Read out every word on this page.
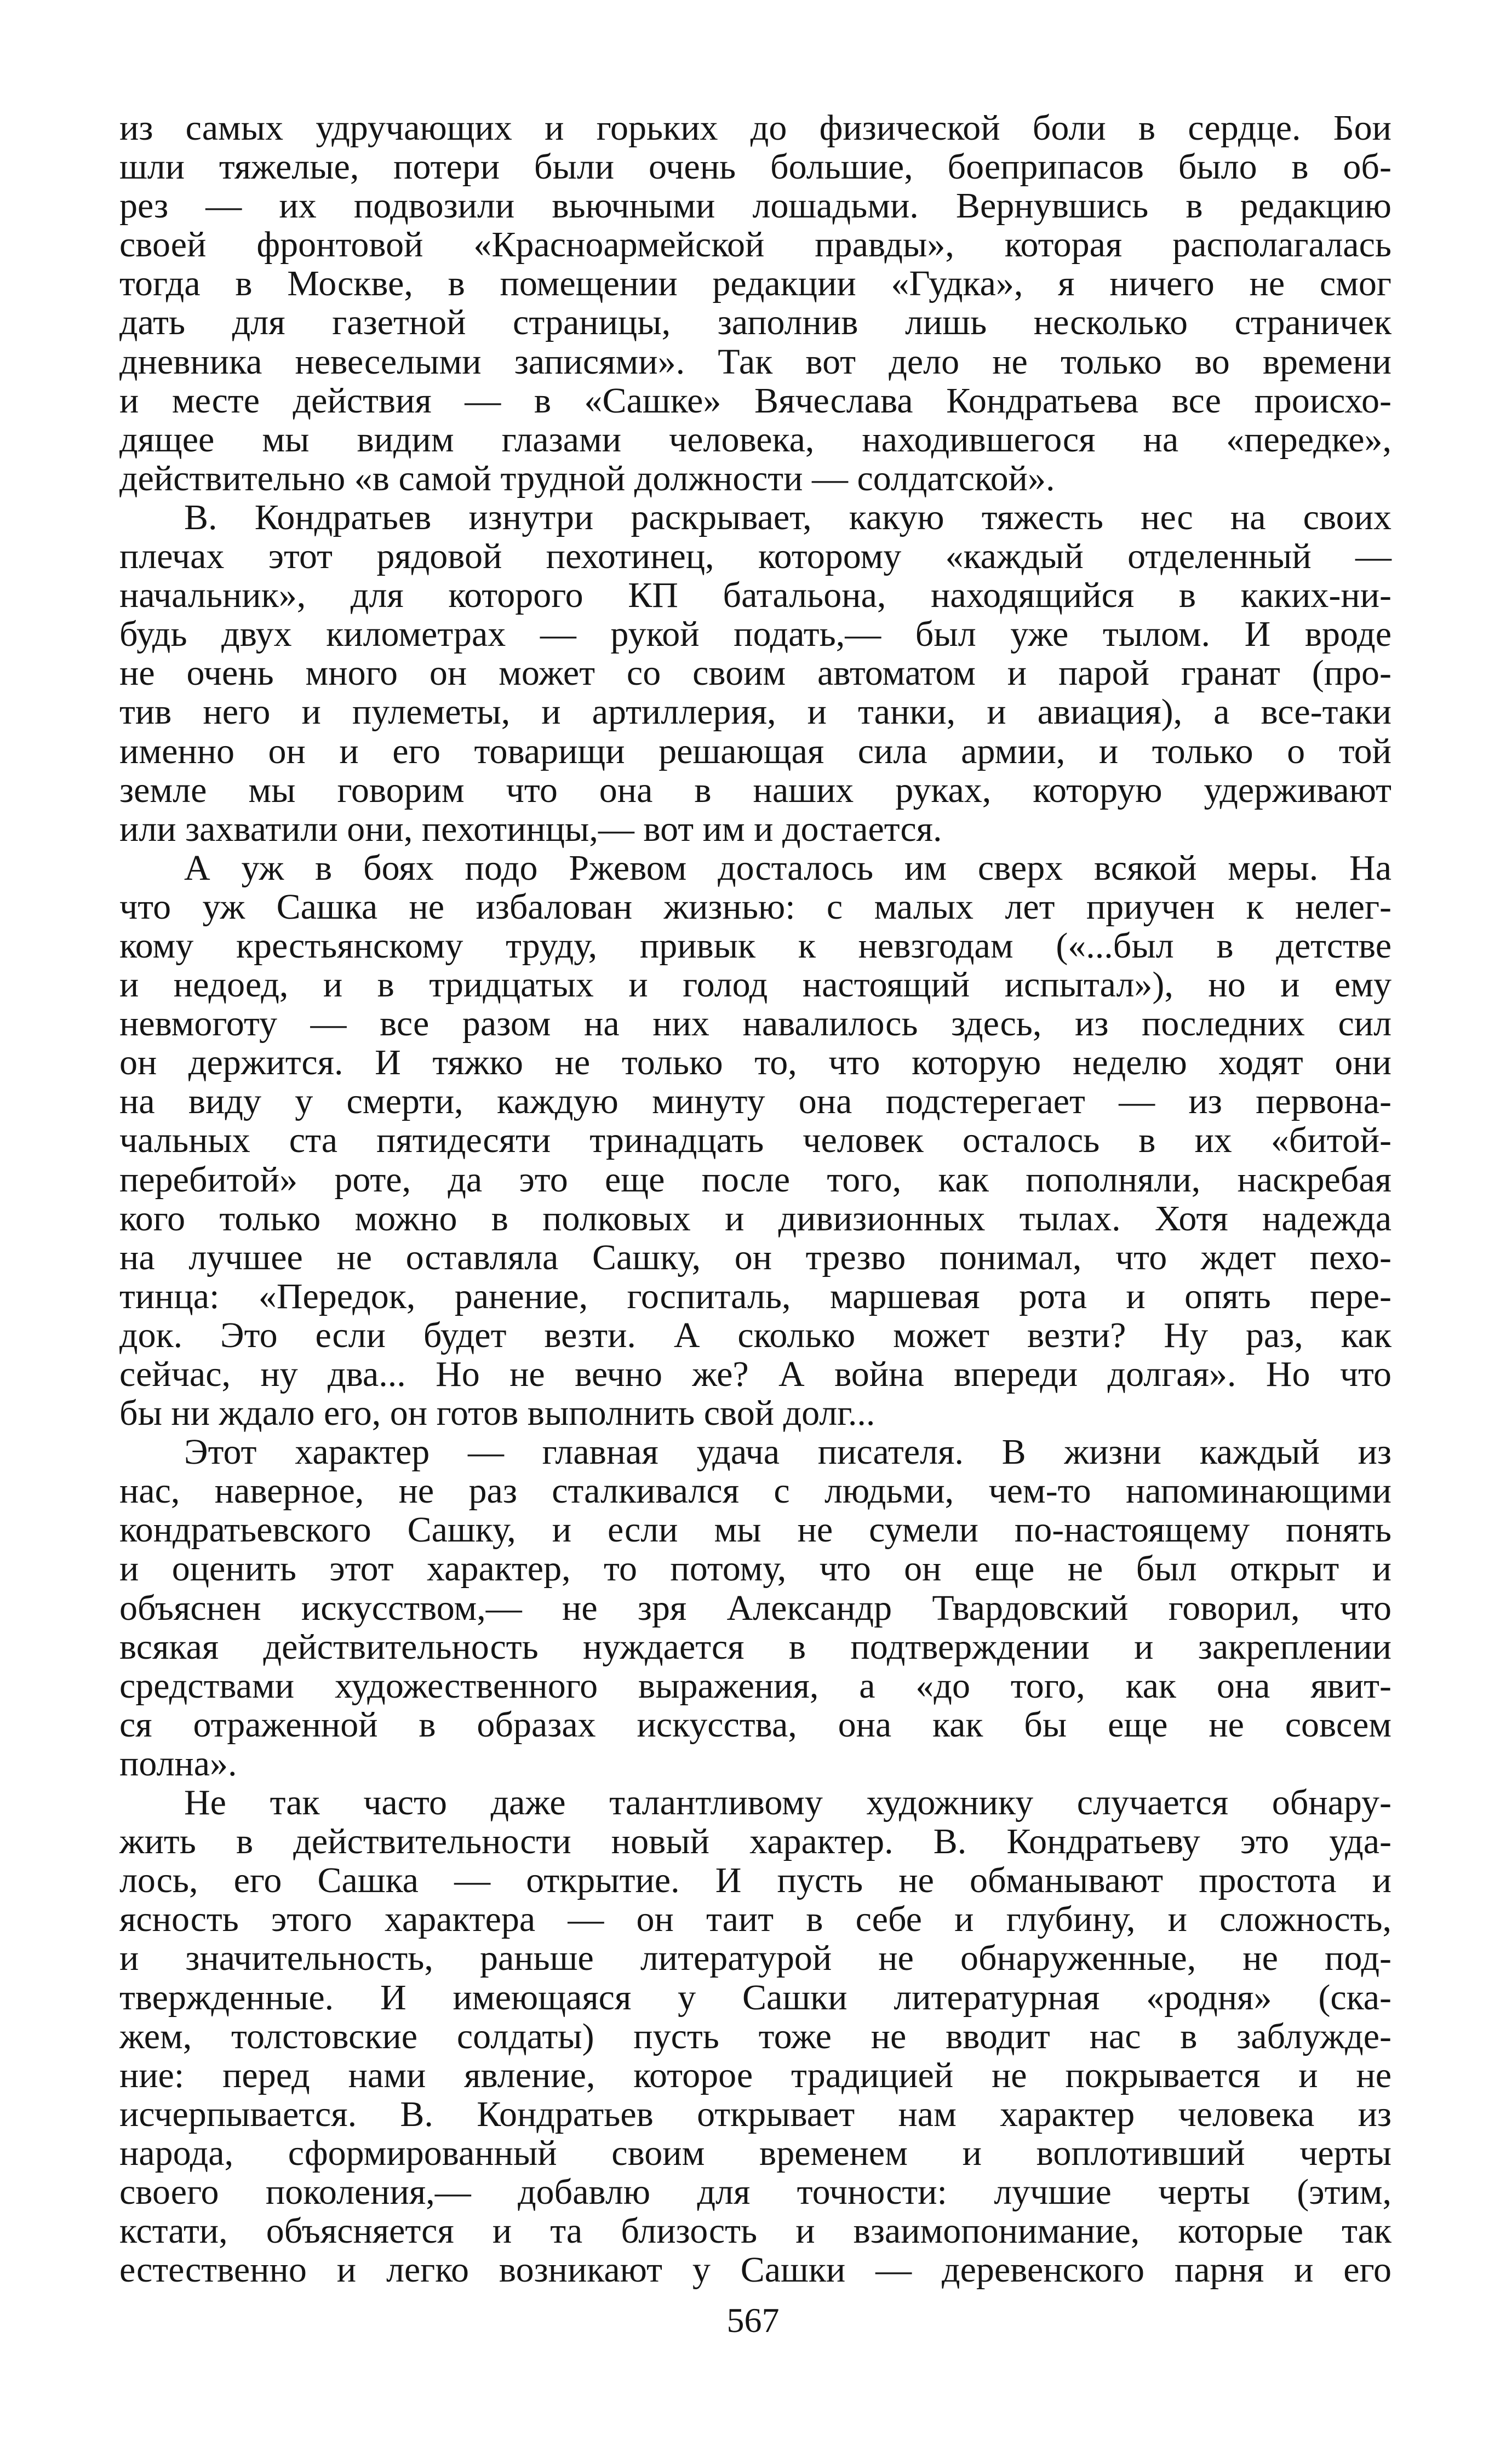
из самых удручающих и горьких до физической боли в сердце. Бои
шли тяжелые, потери были очень большие, боеприпасов было в об-
рез — их подвозили вьючными лошадьми. Вернувшись в редакцию
своей фронтовой «Красноармейской правды», которая располагалась
тогда в Москве, в помещении редакции «Гудка», я ничего не смог
дать для газетной страницы, заполнив лишь несколько страничек
дневника невеселыми записями». Так вот дело не только во времени
и месте действия — в «Сашке» Вячеслава Кондратьева все происхо-
дящее мы видим глазами человека, находившегося на «передке»,
действительно «в самой трудной должности — солдатской».
В. Кондратьев изнутри раскрывает, какую тяжесть нес на своих
плечах этот рядовой пехотинец, которому «каждый отделенный —
начальник», для которого КП батальона, находящийся в каких-ни-
будь двух километрах — рукой подать,— был уже тылом. И вроде
не очень много он может со своим автоматом и парой гранат (про-
тив него и пулеметы, и артиллерия, и танки, и авиация), а все-таки
именно он и его товарищи решающая сила армии, и только о той
земле мы говорим что она в наших руках, которую удерживают
или захватили они, пехотинцы,— вот им и достается.
А уж в боях подо Ржевом досталось им сверх всякой меры. На
что уж Сашка не избалован жизнью: с малых лет приучен к нелег-
кому крестьянскому труду, привык к невзгодам («...был в детстве
и недоед, и в тридцатых и голод настоящий испытал»), но и ему
невмоготу — все разом на них навалилось здесь, из последних сил
он держится. И тяжко не только то, что которую неделю ходят они
на виду у смерти, каждую минуту она подстерегает — из первона-
чальных ста пятидесяти тринадцать человек осталось в их «битой-
перебитой» роте, да это еще после того, как пополняли, наскребая
кого только можно в полковых и дивизионных тылах. Хотя надежда
на лучшее не оставляла Сашку, он трезво понимал, что ждет пехо-
тинца: «Передок, ранение, госпиталь, маршевая рота и опять пере-
док. Это если будет везти. А сколько может везти? Ну раз, как
сейчас, ну два... Но не вечно же? А война впереди долгая». Но что
бы ни ждало его, он готов выполнить свой долг...
Этот характер — главная удача писателя. В жизни каждый из
нас, наверное, не раз сталкивался с людьми, чем-то напоминающими
кондратьевского Сашку, и если мы не сумели по-настоящему понять
и оценить этот характер, то потому, что он еще не был открыт и
объяснен искусством,— не зря Александр Твардовский говорил, что
всякая действительность нуждается в подтверждении и закреплении
средствами художественного выражения, а «до того, как она явит-
ся отраженной в образах искусства, она как бы еще не совсем
полна».
Не так часто даже талантливому художнику случается обнару-
жить в действительности новый характер. В. Кондратьеву это уда-
лось, его Сашка — открытие. И пусть не обманывают простота и
ясность этого характера — он таит в себе и глубину, и сложность,
и значительность, раньше литературой не обнаруженные, не под-
твержденные. И имеющаяся у Сашки литературная «родня» (ска-
жем, толстовские солдаты) пусть тоже не вводит нас в заблужде-
ние: перед нами явление, которое традицией не покрывается и не
исчерпывается. В. Кондратьев открывает нам характер человека из
народа, сформированный своим временем и воплотивший черты
своего поколения,— добавлю для точности: лучшие черты (этим,
кстати, объясняется и та близость и взаимопонимание, которые так
естественно и легко возникают у Сашки — деревенского парня и его
567
